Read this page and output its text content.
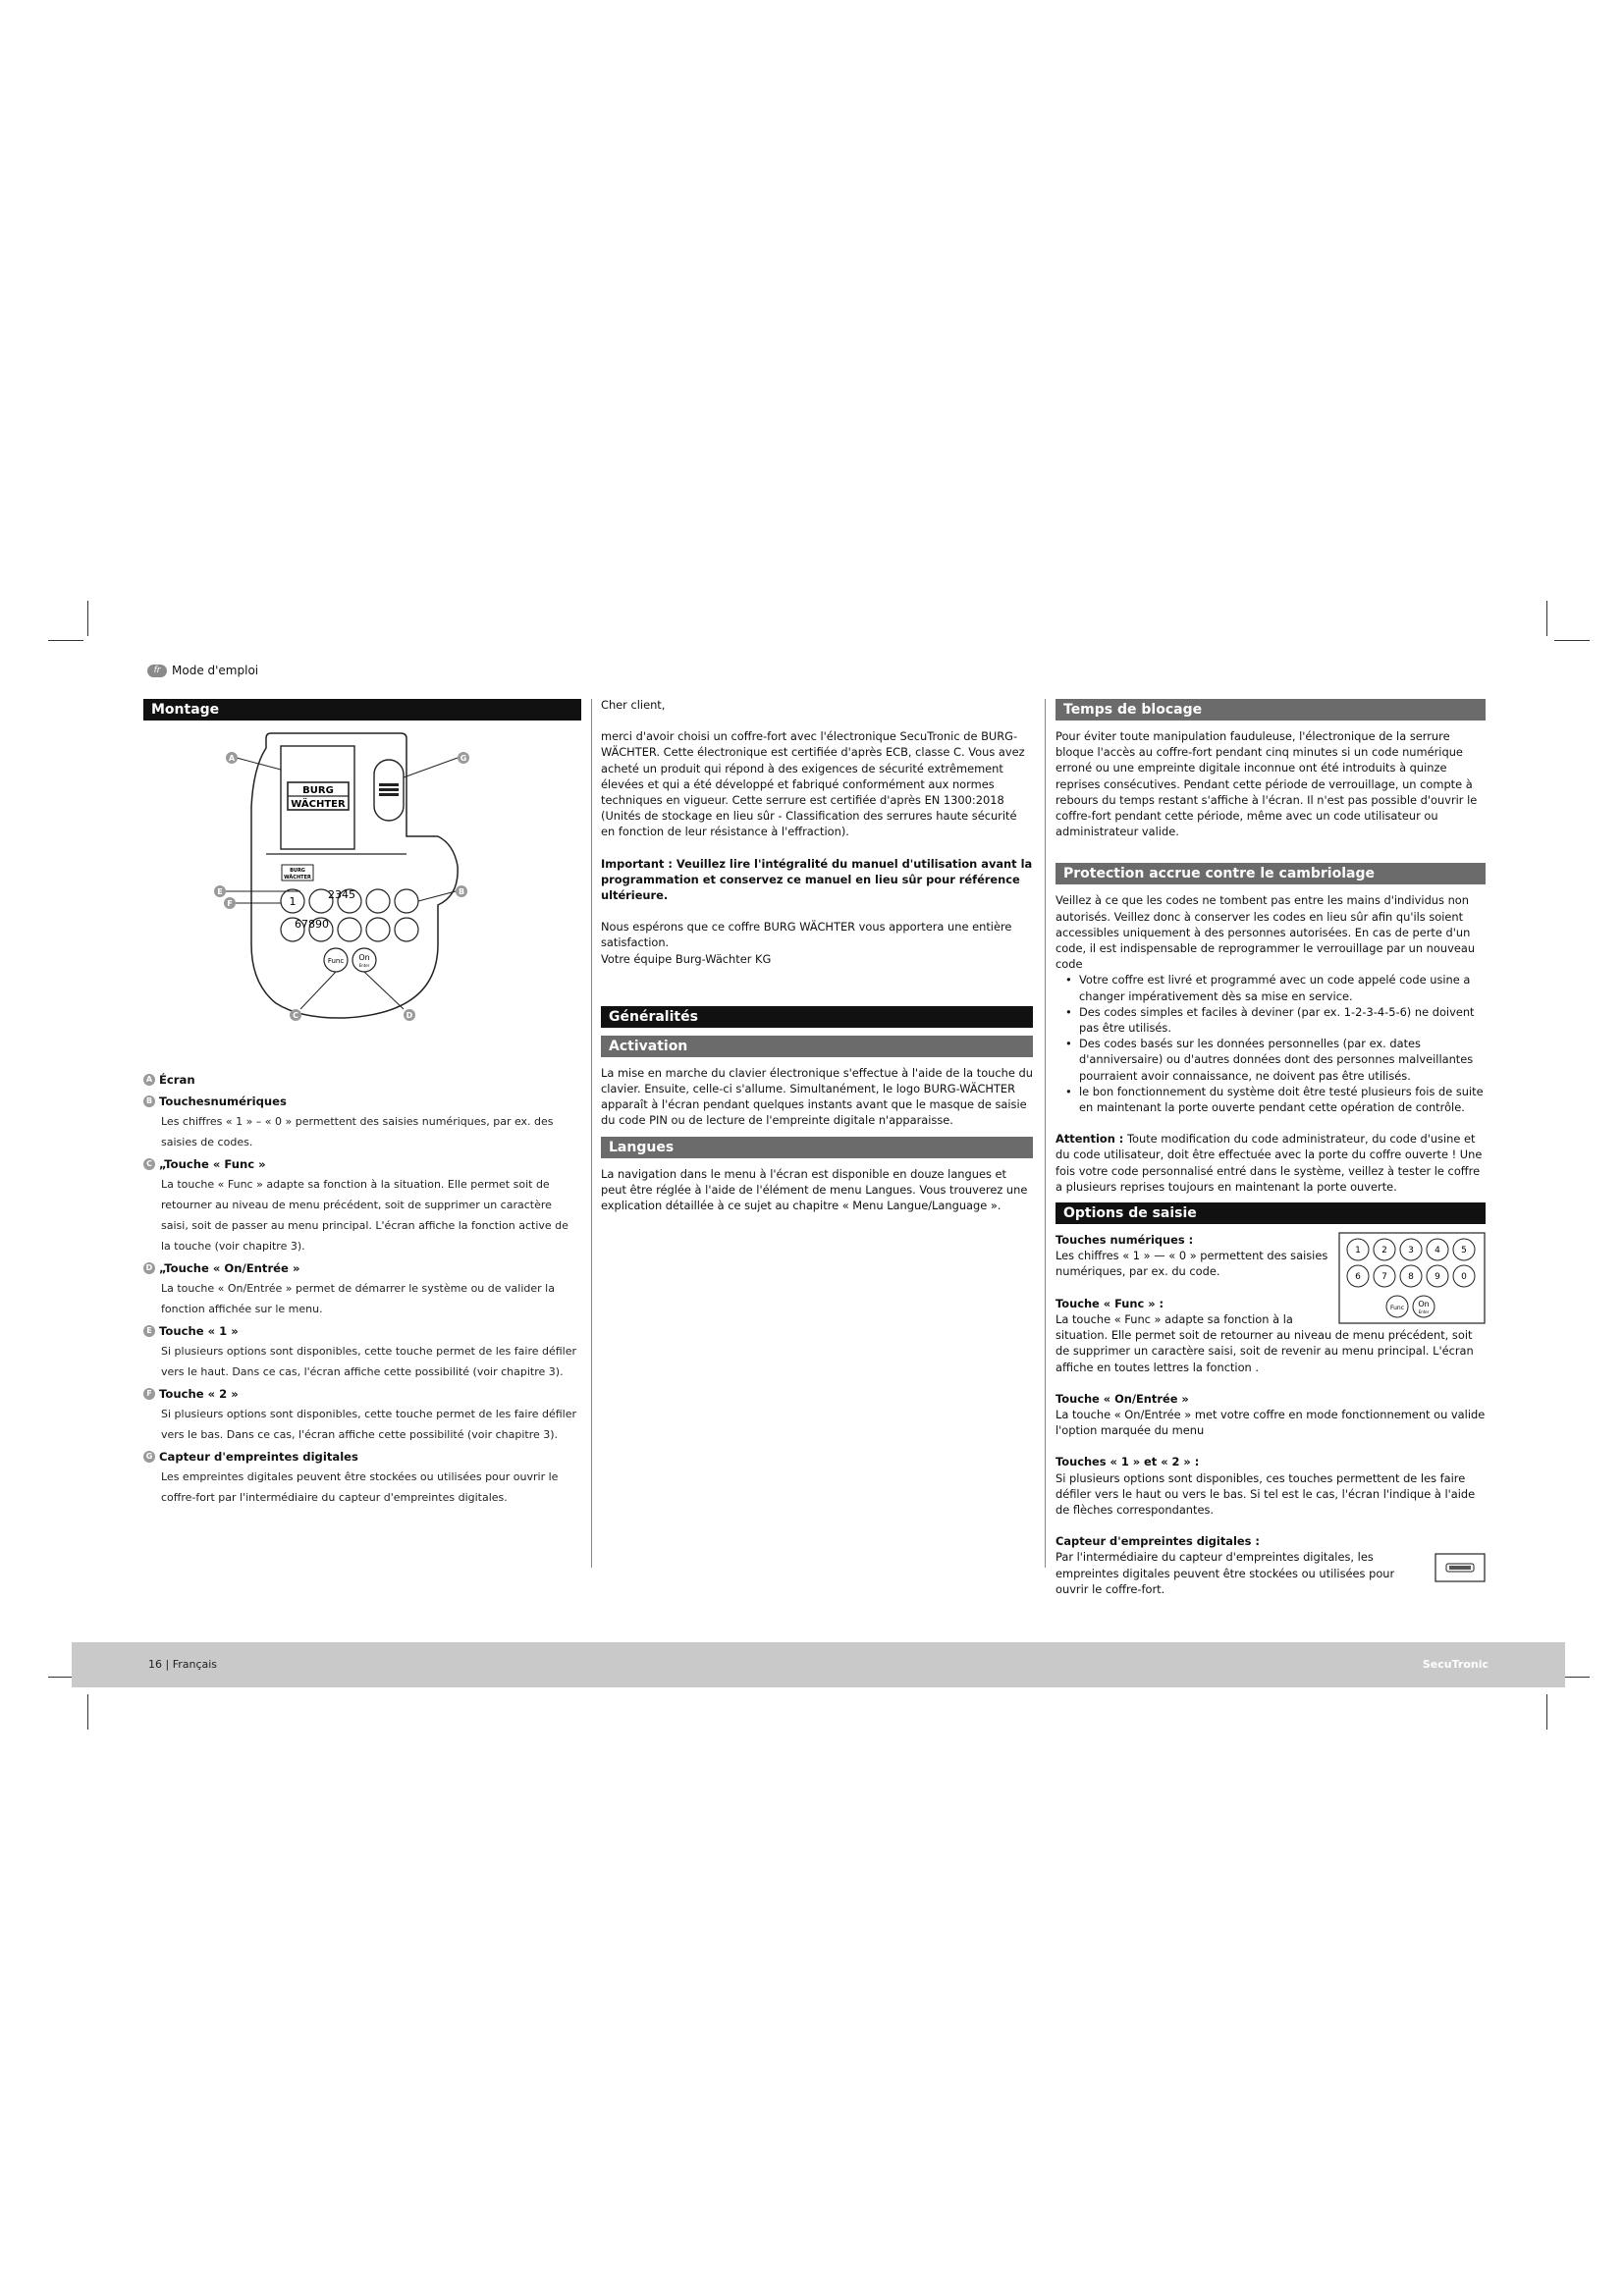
fr Mode d'emploi
Montage
BURG
WÄCHTER
BURG
WÄCHTER
1
2345
67890
Func On
Enter
A	G
E
F
B
C	D
A Écran
B Touchesnumériques
Les chiffres « 1 » – « 0 » permettent des saisies numériques, par ex. des saisies de codes.
C „Touche « Func »
La touche « Func » adapte sa fonction à la situation. Elle permet soit de retourner au niveau de menu précédent, soit de supprimer un caractère saisi, soit de passer au menu principal. L'écran affiche la fonction active de la touche (voir chapitre 3).
D „Touche « On/Entrée »
La touche « On/Entrée » permet de démarrer le système ou de valider la fonction affichée sur le menu.
E Touche « 1 »
Si plusieurs options sont disponibles, cette touche permet de les faire défiler vers le haut. Dans ce cas, l'écran affiche cette possibilité (voir chapitre 3).
F Touche « 2 »
Si plusieurs options sont disponibles, cette touche permet de les faire défiler vers le bas. Dans ce cas, l'écran affiche cette possibilité (voir chapitre 3).
G Capteur d'empreintes digitales
Les empreintes digitales peuvent être stockées ou utilisées pour ouvrir le coffre-fort par l'intermédiaire du capteur d'empreintes digitales.

Cher client,

merci d'avoir choisi un coffre-fort avec l'électronique SecuTronic de BURG-WÄCHTER. Cette électronique est certifiée d'après ECB, classe C. Vous avez acheté un produit qui répond à des exigences de sécurité extrêmement élevées et qui a été développé et fabriqué conformément aux normes techniques en vigueur. Cette serrure est certifiée d'après EN 1300:2018 (Unités de stockage en lieu sûr - Classification des serrures haute sécurité en fonction de leur résistance à l'effraction).

Important : Veuillez lire l'intégralité du manuel d'utilisation avant la programmation et conservez ce manuel en lieu sûr pour référence ultérieure.

Nous espérons que ce coffre BURG WÄCHTER vous apportera une entière satisfaction.

Votre équipe Burg-Wächter KG

Généralités
Activation

La mise en marche du clavier électronique s'effectue à l'aide de la touche du clavier. Ensuite, celle-ci s'allume. Simultanément, le logo BURG-WÄCHTER apparaît à l'écran pendant quelques instants avant que le masque de saisie du code PIN ou de lecture de l'empreinte digitale n'apparaisse.

Langues

La navigation dans le menu à l'écran est disponible en douze langues et peut être réglée à l'aide de l'élément de menu Langues. Vous trouverez une explication détaillée à ce sujet au chapitre « Menu Langue/Language ».

Temps de blocage

Pour éviter toute manipulation fauduleuse, l'électronique de la serrure bloque l'accès au coffre-fort pendant cinq minutes si un code numérique erroné ou une empreinte digitale inconnue ont été introduits à quinze reprises consécutives. Pendant cette période de verrouillage, un compte à rebours du temps restant s'affiche à l'écran. Il n'est pas possible d'ouvrir le coffre-fort pendant cette période, même avec un code utilisateur ou administrateur valide.

Protection accrue contre le cambriolage

Veillez à ce que les codes ne tombent pas entre les mains d'individus non autorisés. Veillez donc à conserver les codes en lieu sûr afin qu'ils soient accessibles uniquement à des personnes autorisées. En cas de perte d'un code, il est indispensable de reprogrammer le verrouillage par un nouveau code

• Votre coffre est livré et programmé avec un code appelé code usine a changer impérativement dès sa mise en service.
• Des codes simples et faciles à deviner (par ex. 1-2-3-4-5-6) ne doivent pas être utilisés.
• Des codes basés sur les données personnelles (par ex. dates d'anniversaire) ou d'autres données dont des personnes malveillantes pourraient avoir connaissance, ne doivent pas être utilisés.
• le bon fonctionnement du système doit être testé plusieurs fois de suite en maintenant la porte ouverte pendant cette opération de contrôle.

Attention : Toute modification du code administrateur, du code d'usine et du code utilisateur, doit être effectuée avec la porte du coffre ouverte ! Une fois votre code personnalisé entré dans le système, veillez à tester le coffre a plusieurs reprises toujours en maintenant la porte ouverte.

Options de saisie
1 2 3 4 5
6 7 8 9 0
Func On
Enter

Touches numériques :

Les chiffres « 1 » — « 0 » permettent des saisies numériques, par ex. du code.

Touche « Func » :

La touche « Func » adapte sa fonction à la situation. Elle permet soit de retourner au niveau de menu précédent, soit de supprimer un caractère saisi, soit de revenir au menu principal. L'écran affiche en toutes lettres la fonction .

Touche « On/Entrée »

La touche « On/Entrée » met votre coffre en mode fonctionnement ou valide l'option marquée du menu

Touches « 1 » et « 2 » :

Si plusieurs options sont disponibles, ces touches permettent de les faire défiler vers le haut ou vers le bas. Si tel est le cas, l'écran l'indique à l'aide de flèches correspondantes.

Capteur d'empreintes digitales :

Par l'intermédiaire du capteur d'empreintes digitales, les empreintes digitales peuvent être stockées ou utilisées pour ouvrir le coffre-fort.

16 | Français	SecuTronic
